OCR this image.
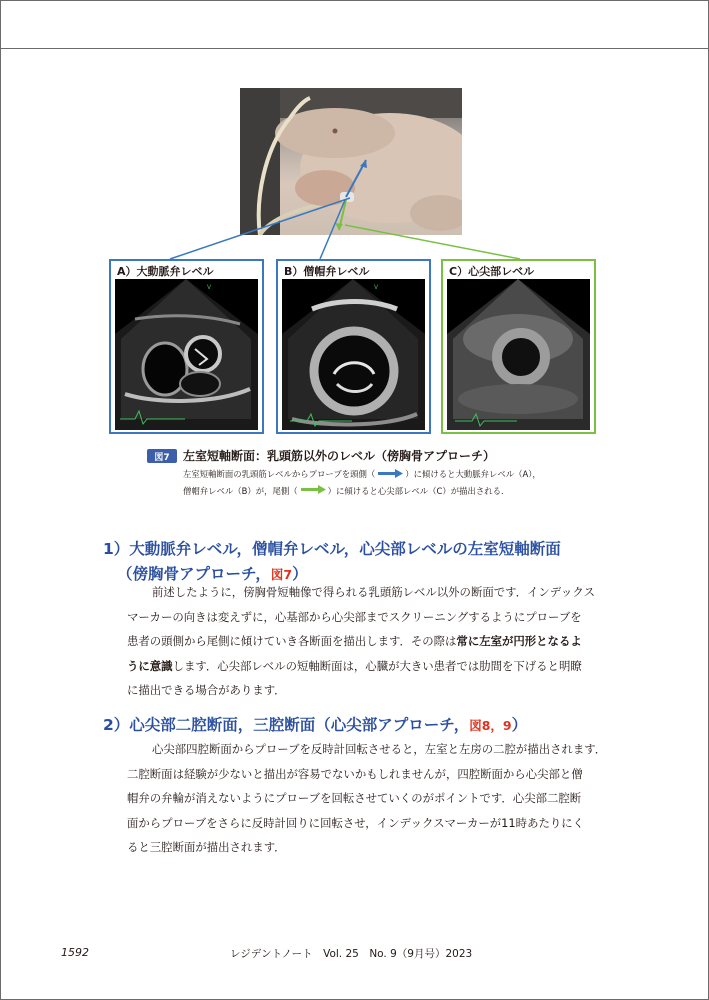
A）大動脈弁レベル
V
B）僧帽弁レベル
V
C）心尖部レベル
図7	左室短軸断面：乳頭筋以外のレベル（傍胸骨アプローチ）
左室短軸断面の乳頭筋レベルからプローブを頭側（	）に傾けると大動脈弁レベル（A），
僧帽弁レベル（B）が，尾側（	）に傾けると心尖部レベル（C）が描出される．
1）大動脈弁レベル，僧帽弁レベル，心尖部レベルの左室短軸断面
（傍胸骨アプローチ，図7）
前述したように，傍胸骨短軸像で得られる乳頭筋レベル以外の断面です．インデックス
マーカーの向きは変えずに，心基部から心尖部までスクリーニングするようにプローブを
患者の頭側から尾側に傾けていき各断面を描出します．その際は常に左室が円形となるよ
うに意識します．心尖部レベルの短軸断面は，心臓が大きい患者では肋間を下げると明瞭
に描出できる場合があります．
2）心尖部二腔断面，三腔断面（心尖部アプローチ，図8，9）
心尖部四腔断面からプローブを反時計回転させると，左室と左房の二腔が描出されます．
二腔断面は経験が少ないと描出が容易でないかもしれませんが，四腔断面から心尖部と僧
帽弁の弁輪が消えないようにプローブを回転させていくのがポイントです．心尖部二腔断
面からプローブをさらに反時計回りに回転させ，インデックスマーカーが11時あたりにく
ると三腔断面が描出されます．
1592	レジデントノート　Vol. 25　No. 9（9月号）2023
